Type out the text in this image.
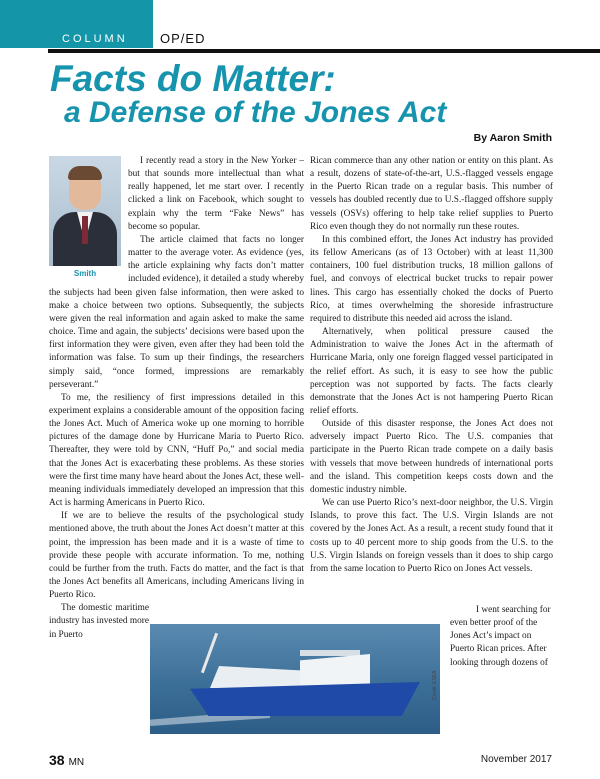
COLUMN OP/ED
Facts do Matter:
a Defense of the Jones Act
By Aaron Smith
Smith

I recently read a story in the New Yorker – but that sounds more intellectual than what really happened, let me start over. I recently clicked a link on Facebook, which sought to explain why the term “Fake News” has become so popular.

The article claimed that facts no longer matter to the average voter. As evidence (yes, the article explaining why facts don’t matter included evidence), it detailed a study whereby the subjects had been given false information, then were asked to make a choice between two options. Subsequently, the subjects were given the real information and again asked to make the same choice. Time and again, the subjects’ decisions were based upon the first information they were given, even after they had been told the information was false. To sum up their findings, the researchers simply said, “once formed, impressions are remarkably perseverant.”

To me, the resiliency of first impressions detailed in this experiment explains a considerable amount of the opposition facing the Jones Act. Much of America woke up one morning to horrible pictures of the damage done by Hurricane Maria to Puerto Rico. Thereafter, they were told by CNN, “Huff Po,” and social media that the Jones Act is exacerbating these problems. As these stories were the first time many have heard about the Jones Act, these well-meaning individuals immediately developed an impression that this Act is harming Americans in Puerto Rico.

If we are to believe the results of the psychological study mentioned above, the truth about the Jones Act doesn’t matter at this point, the impression has been made and it is a waste of time to provide these people with accurate information. To me, nothing could be further from the truth. Facts do matter, and the fact is that the Jones Act benefits all Americans, including Americans living in Puerto Rico.

The domestic maritime industry has invested more in Puerto

Rican commerce than any other nation or entity on this plant. As a result, dozens of state-of-the-art, U.S.-flagged vessels engage in the Puerto Rican trade on a regular basis. This number of vessels has doubled recently due to U.S.-flagged offshore supply vessels (OSVs) offering to help take relief supplies to Puerto Rico even though they do not normally run these routes.

In this combined effort, the Jones Act industry has provided its fellow Americans (as of 13 October) with at least 11,300 containers, 100 fuel distribution trucks, 18 million gallons of fuel, and convoys of electrical bucket trucks to repair power lines. This cargo has essentially choked the docks of Puerto Rico, at times overwhelming the shoreside infrastructure required to distribute this needed aid across the island.

Alternatively, when political pressure caused the Administration to waive the Jones Act in the aftermath of Hurricane Maria, only one foreign flagged vessel participated in the relief effort. As such, it is easy to see how the public perception was not supported by facts. The facts clearly demonstrate that the Jones Act is not hampering Puerto Rican relief efforts.

Outside of this disaster response, the Jones Act does not adversely impact Puerto Rico. The U.S. companies that participate in the Puerto Rican trade compete on a daily basis with vessels that move between hundreds of international ports and the island. This competition keeps costs down and the domestic industry nimble.

We can use Puerto Rico’s next-door neighbor, the U.S. Virgin Islands, to prove this fact. The U.S. Virgin Islands are not covered by the Jones Act. As a result, a recent study found that it costs up to 40 percent more to ship goods from the U.S. to the U.S. Virgin Islands on foreign vessels than it does to ship cargo from the same location to Puerto Rico on Jones Act vessels.

I went searching for even better proof of the Jones Act’s impact on Puerto Rican prices. After looking through dozens of

Credit: ESEA
38 MN	November 2017
